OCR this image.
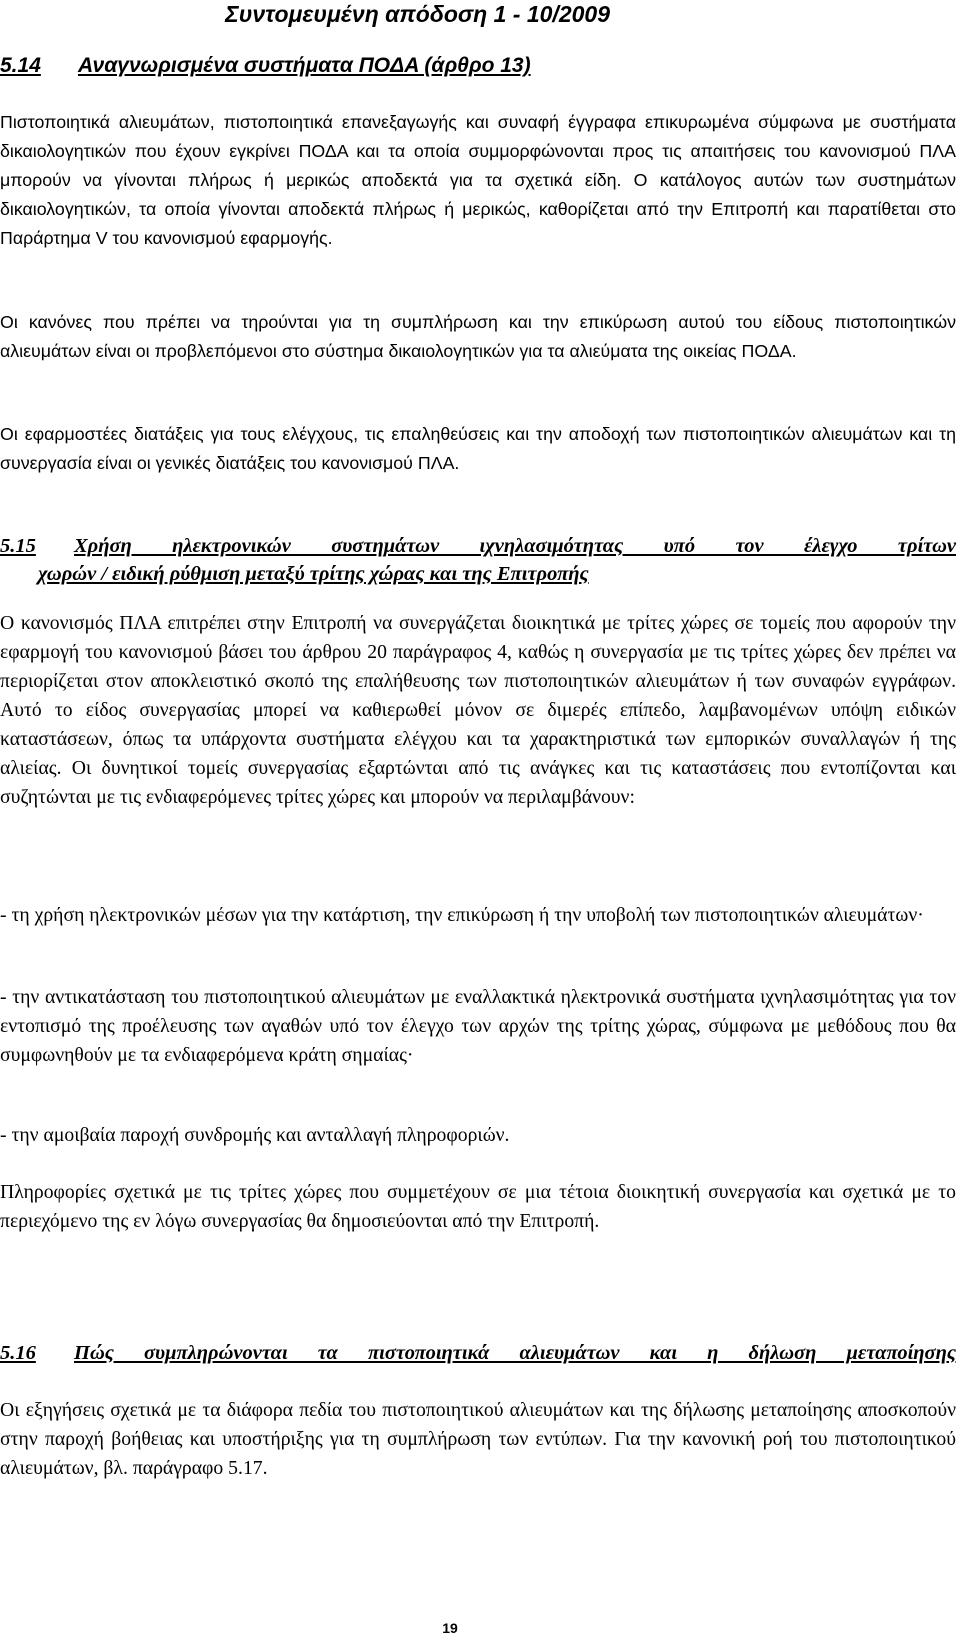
Συντομευμένη απόδοση 1 - 10/2009
5.14 Αναγνωρισμένα συστήματα ΠΟΔΑ (άρθρο 13)

Πιστοποιητικά αλιευμάτων, πιστοποιητικά επανεξαγωγής και συναφή έγγραφα επικυρωμένα σύμφωνα με συστήματα δικαιολογητικών που έχουν εγκρίνει ΠΟΔΑ και τα οποία συμμορφώνονται προς τις απαιτήσεις του κανονισμού ΠΛΑ μπορούν να γίνονται πλήρως ή μερικώς αποδεκτά για τα σχετικά είδη. Ο κατάλογος αυτών των συστημάτων δικαιολογητικών, τα οποία γίνονται αποδεκτά πλήρως ή μερικώς, καθορίζεται από την Επιτροπή και παρατίθεται στο Παράρτημα V του κανονισμού εφαρμογής.

Οι κανόνες που πρέπει να τηρούνται για τη συμπλήρωση και την επικύρωση αυτού του είδους πιστοποιητικών αλιευμάτων είναι οι προβλεπόμενοι στο σύστημα δικαιολογητικών για τα αλιεύματα της οικείας ΠΟΔΑ.

Οι εφαρμοστέες διατάξεις για τους ελέγχους, τις επαληθεύσεις και την αποδοχή των πιστοποιητικών αλιευμάτων και τη συνεργασία είναι οι γενικές διατάξεις του κανονισμού ΠΛΑ.

5.15 Χρήση ηλεκτρονικών συστημάτων ιχνηλασιμότητας υπό τον έλεγχο τρίτων
χωρών / ειδική ρύθμιση μεταξύ τρίτης χώρας και της Επιτροπής

Ο κανονισμός ΠΛΑ επιτρέπει στην Επιτροπή να συνεργάζεται διοικητικά με τρίτες χώρες σε τομείς που αφορούν την εφαρμογή του κανονισμού βάσει του άρθρου 20 παράγραφος 4, καθώς η συνεργασία με τις τρίτες χώρες δεν πρέπει να περιορίζεται στον αποκλειστικό σκοπό της επαλήθευσης των πιστοποιητικών αλιευμάτων ή των συναφών εγγράφων. Αυτό το είδος συνεργασίας μπορεί να καθιερωθεί μόνον σε διμερές επίπεδο, λαμβανομένων υπόψη ειδικών καταστάσεων, όπως τα υπάρχοντα συστήματα ελέγχου και τα χαρακτηριστικά των εμπορικών συναλλαγών ή της αλιείας. Οι δυνητικοί τομείς συνεργασίας εξαρτώνται από τις ανάγκες και τις καταστάσεις που εντοπίζονται και συζητώνται με τις ενδιαφερόμενες τρίτες χώρες και μπορούν να περιλαμβάνουν:

- τη χρήση ηλεκτρονικών μέσων για την κατάρτιση, την επικύρωση ή την υποβολή των πιστοποιητικών αλιευμάτων·

- την αντικατάσταση του πιστοποιητικού αλιευμάτων με εναλλακτικά ηλεκτρονικά συστήματα ιχνηλασιμότητας για τον εντοπισμό της προέλευσης των αγαθών υπό τον έλεγχο των αρχών της τρίτης χώρας, σύμφωνα με μεθόδους που θα συμφωνηθούν με τα ενδιαφερόμενα κράτη σημαίας·

- την αμοιβαία παροχή συνδρομής και ανταλλαγή πληροφοριών.

Πληροφορίες σχετικά με τις τρίτες χώρες που συμμετέχουν σε μια τέτοια διοικητική συνεργασία και σχετικά με το περιεχόμενο της εν λόγω συνεργασίας θα δημοσιεύονται από την Επιτροπή.

5.16 Πώς συμπληρώνονται τα πιστοποιητικά αλιευμάτων και η δήλωση μεταποίησης

Οι εξηγήσεις σχετικά με τα διάφορα πεδία του πιστοποιητικού αλιευμάτων και της δήλωσης μεταποίησης αποσκοπούν στην παροχή βοήθειας και υποστήριξης για τη συμπλήρωση των εντύπων. Για την κανονική ροή του πιστοποιητικού αλιευμάτων, βλ. παράγραφο 5.17.

19
